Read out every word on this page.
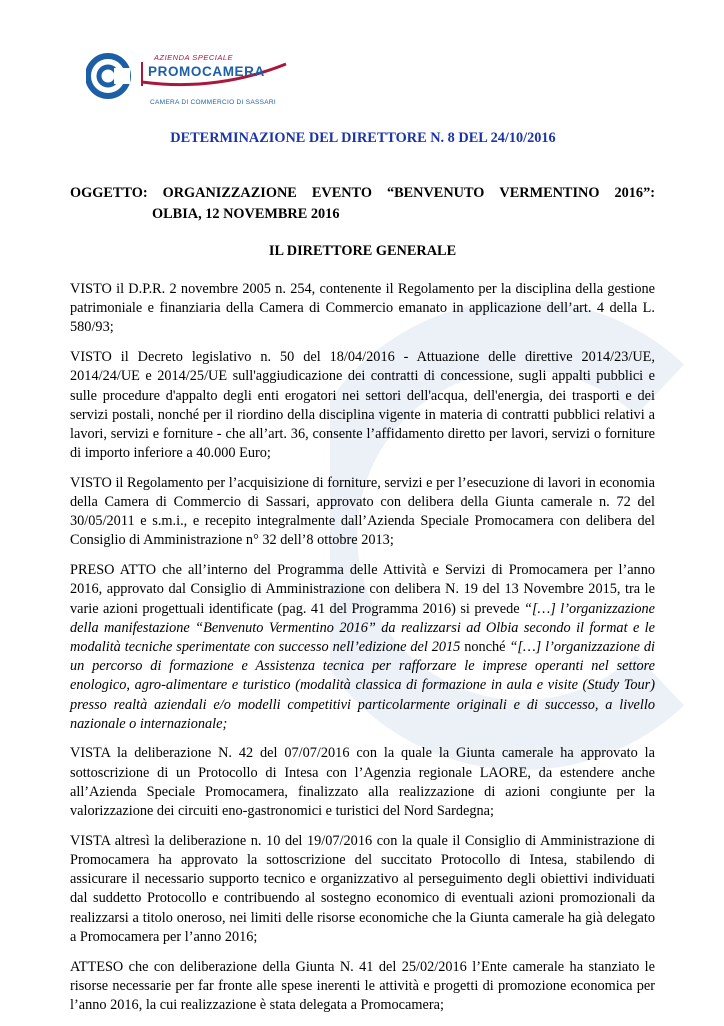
AZIENDA SPECIALE
PROMOCAMERA
CAMERA DI COMMERCIO DI SASSARI
DETERMINAZIONE DEL DIRETTORE N. 8 DEL 24/10/2016
OGGETTO: ORGANIZZAZIONE EVENTO “BENVENUTO VERMENTINO 2016”:
OLBIA, 12 NOVEMBRE 2016
IL DIRETTORE GENERALE

VISTO il D.P.R. 2 novembre 2005 n. 254, contenente il Regolamento per la disciplina della gestione patrimoniale e finanziaria della Camera di Commercio emanato in applicazione dell’art. 4 della L. 580/93;

VISTO il Decreto legislativo n. 50 del 18/04/2016 - Attuazione delle direttive 2014/23/UE, 2014/24/UE e 2014/25/UE sull'aggiudicazione dei contratti di concessione, sugli appalti pubblici e sulle procedure d'appalto degli enti erogatori nei settori dell'acqua, dell'energia, dei trasporti e dei servizi postali, nonché per il riordino della disciplina vigente in materia di contratti pubblici relativi a lavori, servizi e forniture - che all’art. 36, consente l’affidamento diretto per lavori, servizi o forniture di importo inferiore a 40.000 Euro;

VISTO il Regolamento per l’acquisizione di forniture, servizi e per l’esecuzione di lavori in economia della Camera di Commercio di Sassari, approvato con delibera della Giunta camerale n. 72 del 30/05/2011 e s.m.i., e recepito integralmente dall’Azienda Speciale Promocamera con delibera del Consiglio di Amministrazione n° 32 dell’8 ottobre 2013;

PRESO ATTO che all’interno del Programma delle Attività e Servizi di Promocamera per l’anno 2016, approvato dal Consiglio di Amministrazione con delibera N. 19 del 13 Novembre 2015, tra le varie azioni progettuali identificate (pag. 41 del Programma 2016) si prevede “[…] l’organizzazione della manifestazione “Benvenuto Vermentino 2016” da realizzarsi ad Olbia secondo il format e le modalità tecniche sperimentate con successo nell’edizione del 2015 nonché “[…] l’organizzazione di un percorso di formazione e Assistenza tecnica per rafforzare le imprese operanti nel settore enologico, agro-alimentare e turistico (modalità classica di formazione in aula e visite (Study Tour) presso realtà aziendali e/o modelli competitivi particolarmente originali e di successo, a livello nazionale o internazionale;

VISTA la deliberazione N. 42 del 07/07/2016 con la quale la Giunta camerale ha approvato la sottoscrizione di un Protocollo di Intesa con l’Agenzia regionale LAORE, da estendere anche all’Azienda Speciale Promocamera, finalizzato alla realizzazione di azioni congiunte per la valorizzazione dei circuiti eno-gastronomici e turistici del Nord Sardegna;

VISTA altresì la deliberazione n. 10 del 19/07/2016 con la quale il Consiglio di Amministrazione di Promocamera ha approvato la sottoscrizione del succitato Protocollo di Intesa, stabilendo di assicurare il necessario supporto tecnico e organizzativo al perseguimento degli obiettivi individuati dal suddetto Protocollo e contribuendo al sostegno economico di eventuali azioni promozionali da realizzarsi a titolo oneroso, nei limiti delle risorse economiche che la Giunta camerale ha già delegato a Promocamera per l’anno 2016;

ATTESO che con deliberazione della Giunta N. 41 del 25/02/2016 l’Ente camerale ha stanziato le risorse necessarie per far fronte alle spese inerenti le attività e progetti di promozione economica per l’anno 2016, la cui realizzazione è stata delegata a Promocamera;
